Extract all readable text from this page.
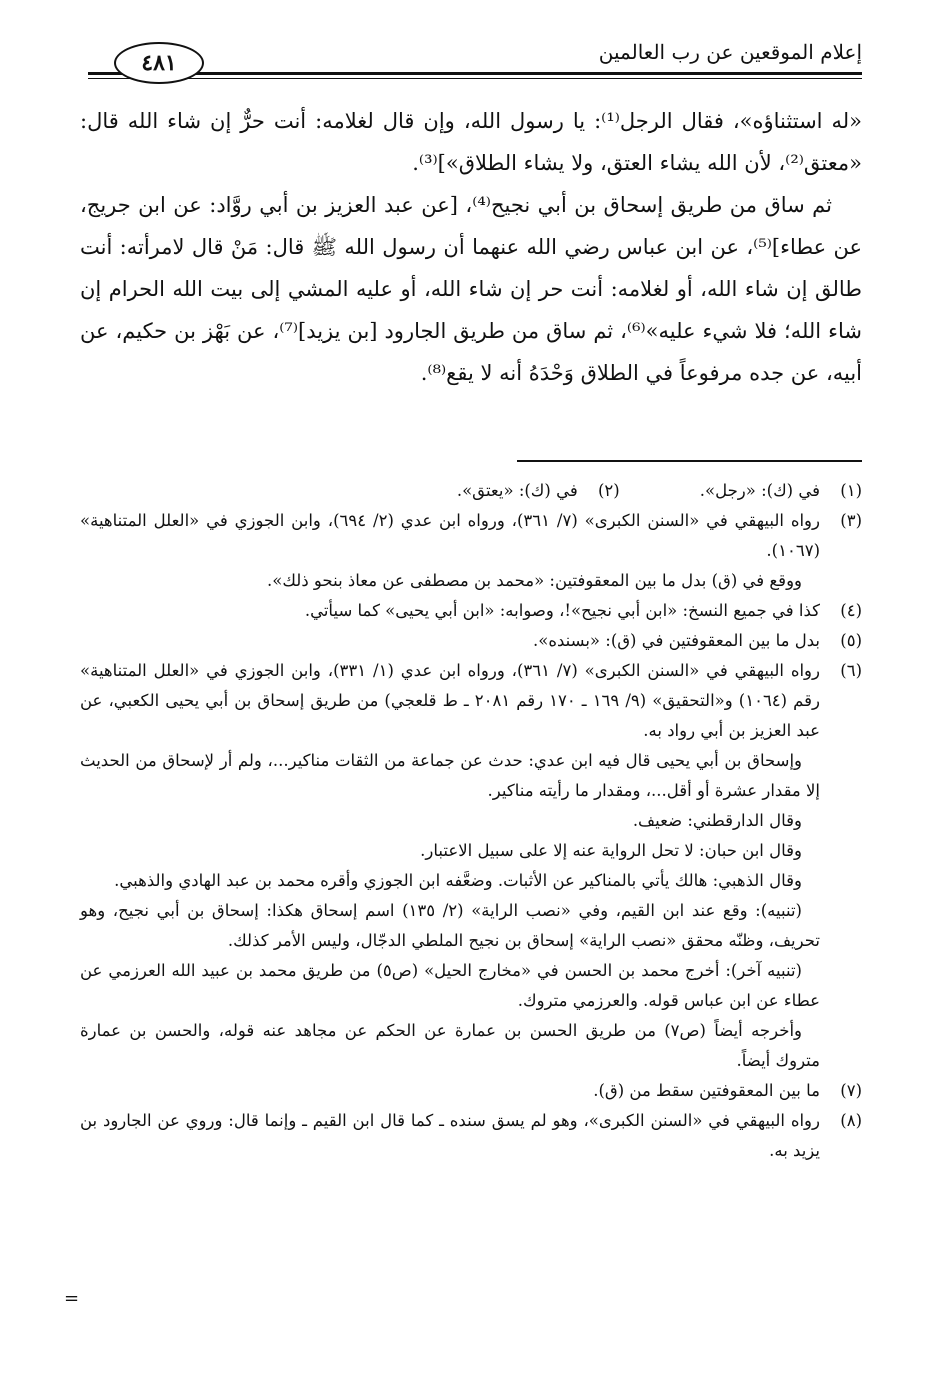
إعلام الموقعين عن رب العالمين
٤٨١

«له استثناؤه»، فقال الرجل⁽¹⁾: يا رسول الله، وإن قال لغلامه: أنت حرٌّ إن شاء الله قال: «معتق⁽²⁾، لأن الله يشاء العتق، ولا يشاء الطلاق»]⁽³⁾.

ثم ساق من طريق إسحاق بن أبي نجيح⁽⁴⁾، [عن عبد العزيز بن أبي روَّاد: عن ابن جريج، عن عطاء]⁽⁵⁾، عن ابن عباس رضي الله عنهما أن رسول الله ﷺ قال: مَنْ قال لامرأته: أنت طالق إن شاء الله، أو لغلامه: أنت حر إن شاء الله، أو عليه المشي إلى بيت الله الحرام إن شاء الله؛ فلا شيء عليه»⁽⁶⁾، ثم ساق من طريق الجارود [بن يزيد]⁽⁷⁾، عن بَهْز بن حكيم، عن أبيه، عن جده مرفوعاً في الطلاق وَحْدَهُ أنه لا يقع⁽⁸⁾.

(١)
في (ك): «رجل».
(٢)
في (ك): «يعتق».
(٣)
رواه البيهقي في «السنن الكبرى» (٧/ ٣٦١)، ورواه ابن عدي (٢/ ٦٩٤)، وابن الجوزي في «العلل المتناهية» (١٠٦٧).

ووقع في (ق) بدل ما بين المعقوفتين: «محمد بن مصطفى عن معاذ بنحو ذلك».

(٤)
كذا في جميع النسخ: «ابن أبي نجيح»!، وصوابه: «ابن أبي يحيى» كما سيأتي.
(٥)
بدل ما بين المعقوفتين في (ق): «بسنده».
(٦)
رواه البيهقي في «السنن الكبرى» (٧/ ٣٦١)، ورواه ابن عدي (١/ ٣٣١)، وابن الجوزي في «العلل المتناهية» رقم (١٠٦٤) و«التحقيق» (٩/ ١٦٩ ـ ١٧٠ رقم ٢٠٨١ ـ ط قلعجي) من طريق إسحاق بن أبي يحيى الكعبي، عن عبد العزيز بن أبي رواد به.

وإسحاق بن أبي يحيى قال فيه ابن عدي: حدث عن جماعة من الثقات مناكير...، ولم أر لإسحاق من الحديث إلا مقدار عشرة أو أقل...، ومقدار ما رأيته مناكير.

وقال الدارقطني: ضعيف.

وقال ابن حبان: لا تحل الرواية عنه إلا على سبيل الاعتبار.

وقال الذهبي: هالك يأتي بالمناكير عن الأثبات. وضعَّفه ابن الجوزي وأقره محمد بن عبد الهادي والذهبي.

(تنبيه): وقع عند ابن القيم، وفي «نصب الراية» (٢/ ١٣٥) اسم إسحاق هكذا: إسحاق بن أبي نجيح، وهو تحريف، وظنّه محقق «نصب الراية» إسحاق بن نجيح الملطي الدجّال، وليس الأمر كذلك.

(تنبيه آخر): أخرج محمد بن الحسن في «مخارج الحيل» (ص٥) من طريق محمد بن عبيد الله العرزمي عن عطاء عن ابن عباس قوله. والعرزمي متروك.

وأخرجه أيضاً (ص٧) من طريق الحسن بن عمارة عن الحكم عن مجاهد عنه قوله، والحسن بن عمارة متروك أيضاً.

(٧)
ما بين المعقوفتين سقط من (ق).
(٨)
رواه البيهقي في «السنن الكبرى»، وهو لم يسق سنده ـ كما قال ابن القيم ـ وإنما قال: وروي عن الجارود بن يزيد به.
=
